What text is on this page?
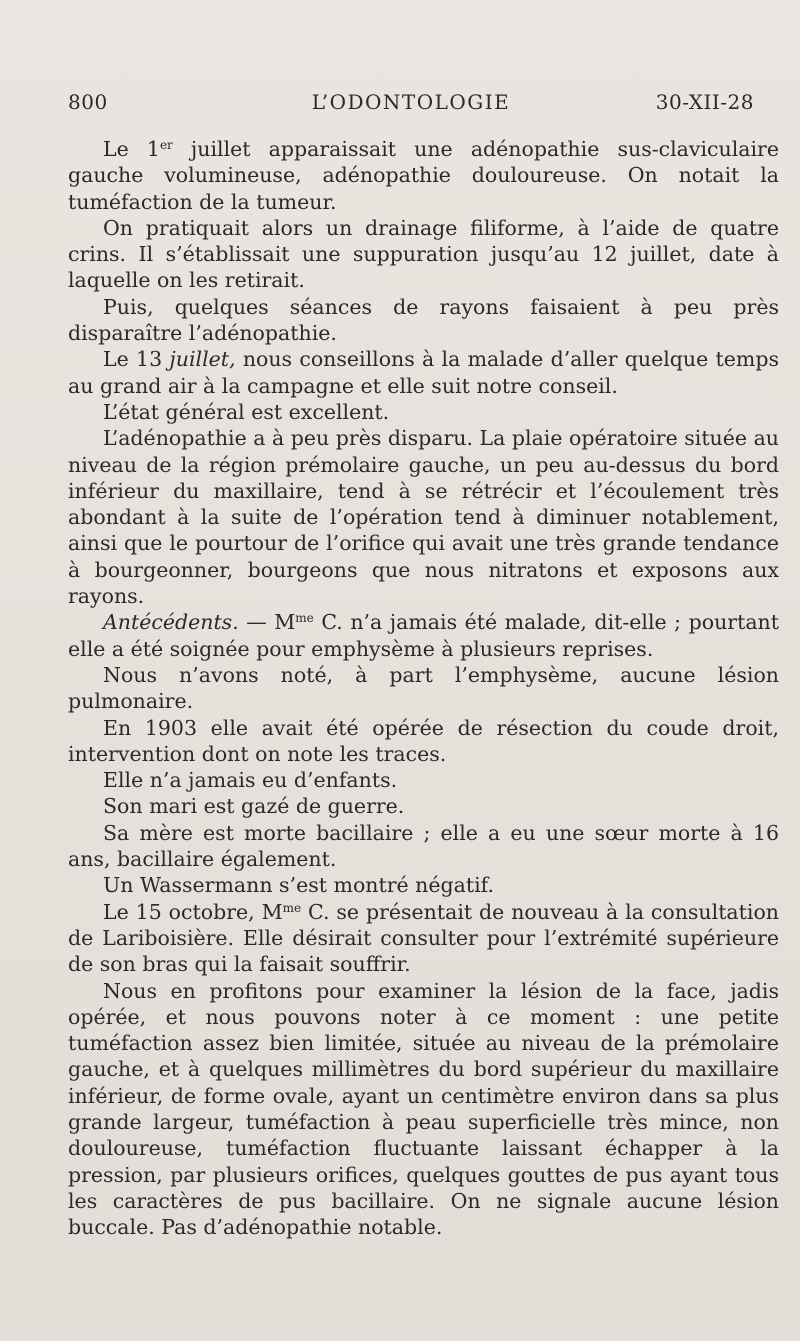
800	L’ODONTOLOGIE	30-XII-28

Le 1er juillet apparaissait une adénopathie sus-claviculaire gauche volumineuse, adénopathie douloureuse. On notait la tuméfaction de la tumeur.

On pratiquait alors un drainage filiforme, à l’aide de quatre crins. Il s’établissait une suppuration jusqu’au 12 juillet, date à laquelle on les retirait.

Puis, quelques séances de rayons faisaient à peu près disparaître l’adénopathie.

Le 13 juillet, nous conseillons à la malade d’aller quelque temps au grand air à la campagne et elle suit notre conseil.

L’état général est excellent.

L’adénopathie a à peu près disparu. La plaie opératoire située au niveau de la région prémolaire gauche, un peu au-dessus du bord inférieur du maxillaire, tend à se rétrécir et l’écoulement très abondant à la suite de l’opération tend à diminuer notablement, ainsi que le pourtour de l’orifice qui avait une très grande tendance à bourgeonner, bourgeons que nous nitratons et exposons aux rayons.

Antécédents. — $M^{me}$ C. n’a jamais été malade, dit-elle ; pourtant elle a été soignée pour emphysème à plusieurs reprises.

Nous n’avons noté, à part l’emphysème, aucune lésion pulmonaire.

En 1903 elle avait été opérée de résection du coude droit, intervention dont on note les traces.

Elle n’a jamais eu d’enfants.

Son mari est gazé de guerre.

Sa mère est morte bacillaire ; elle a eu une sœur morte à 16 ans, bacillaire également.

Un Wassermann s’est montré négatif.

Le 15 octobre, $M^{me}$ C. se présentait de nouveau à la consultation de Lariboisière. Elle désirait consulter pour l’extrémité supérieure de son bras qui la faisait souffrir.

Nous en profitons pour examiner la lésion de la face, jadis opérée, et nous pouvons noter à ce moment : une petite tuméfaction assez bien limitée, située au niveau de la prémolaire gauche, et à quelques millimètres du bord supérieur du maxillaire inférieur, de forme ovale, ayant un centimètre environ dans sa plus grande largeur, tuméfaction à peau superficielle très mince, non douloureuse, tuméfaction fluctuante laissant échapper à la pression, par plusieurs orifices, quelques gouttes de pus ayant tous les caractères de pus bacillaire. On ne signale aucune lésion buccale. Pas d’adénopathie notable.
